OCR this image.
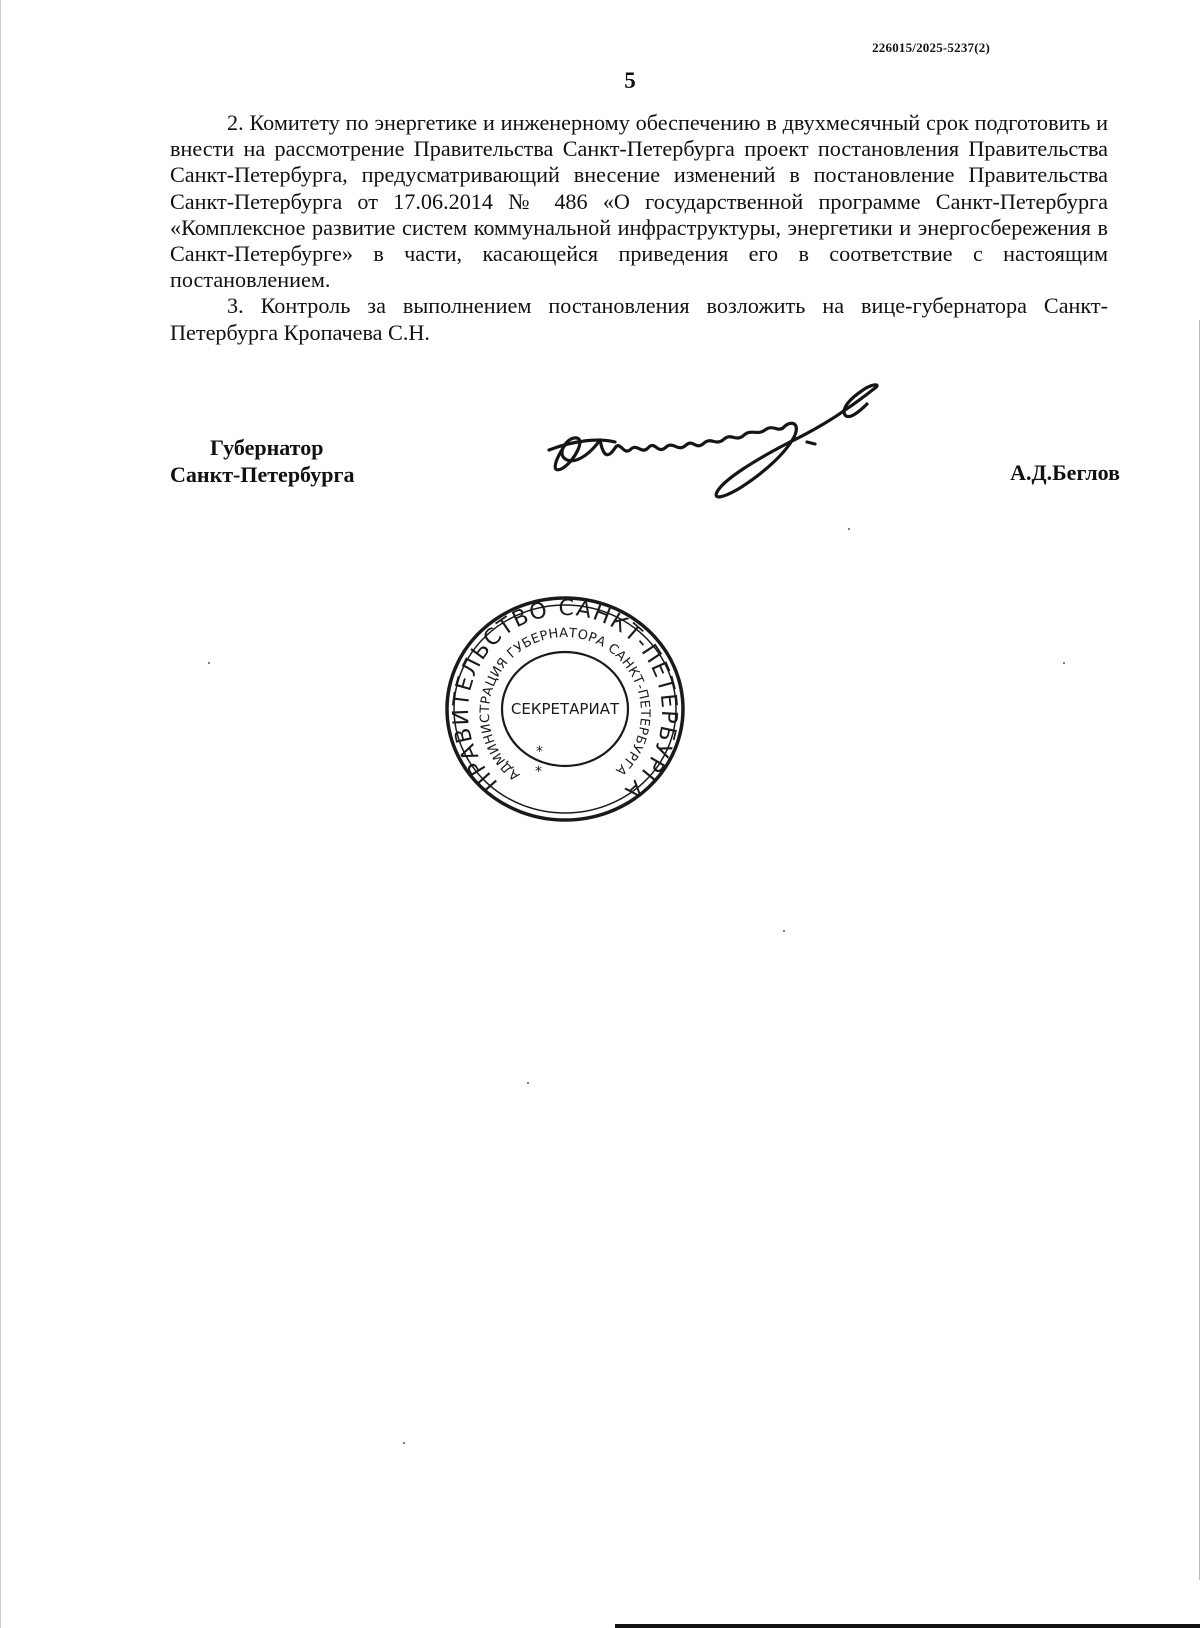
226015/2025-5237(2)
5

2. Комитету по энергетике и инженерному обеспечению в двухмесячный срок подготовить и внести на рассмотрение Правительства Санкт-Петербурга проект постановления Правительства Санкт-Петербурга, предусматривающий внесение изменений в постановление Правительства Санкт-Петербурга от 17.06.2014 № 486 «О государственной программе Санкт-Петербурга «Комплексное развитие систем коммунальной инфраструктуры, энергетики и энергосбережения в Санкт-Петербурге» в части, касающейся приведения его в соответствие с настоящим постановлением.

3. Контроль за выполнением постановления возложить на вице-губернатора Санкт-Петербурга Кропачева С.Н.

Губернатор
Санкт-Петербурга	А.Д.Беглов
ПРАВИТЕЛЬСТВО САНКТ-ПЕТЕРБУРГА
АДМИНИСТРАЦИЯ ГУБЕРНАТОРА САНКТ-ПЕТЕРБУРГА
СЕКРЕТАРИАТ
*
*
